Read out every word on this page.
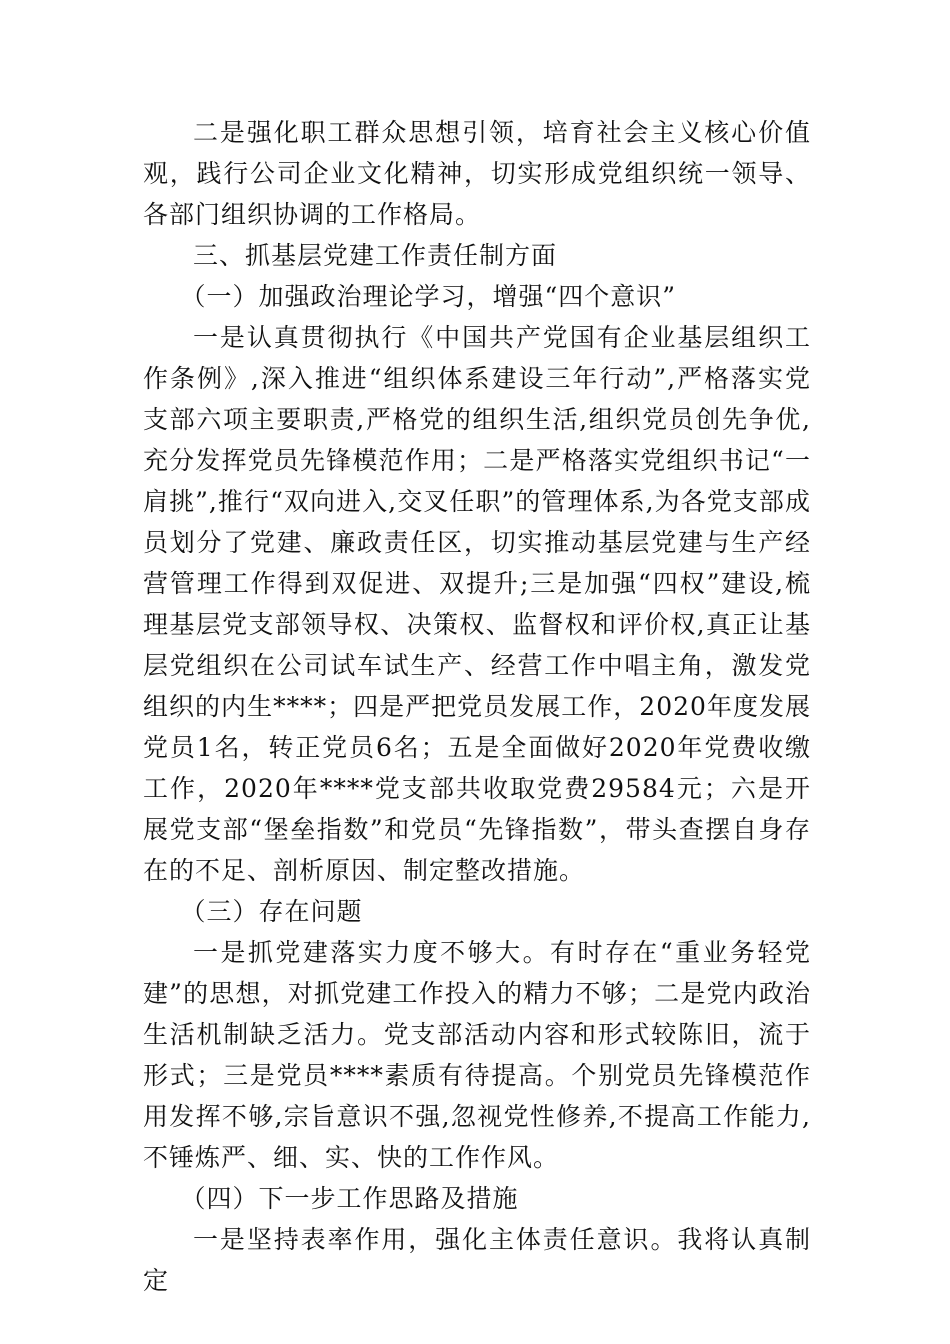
二是强化职工群众思想引领，培育社会主义核心价值观，践行公司企业文化精神，切实形成党组织统一领导、各部门组织协调的工作格局。

三、抓基层党建工作责任制方面

（一）加强政治理论学习，增强“四个意识”

一是认真贯彻执行《中国共产党国有企业基层组织工作条例》,深入推进“组织体系建设三年行动”,严格落实党支部六项主要职责,严格党的组织生活,组织党员创先争优,充分发挥党员先锋模范作用；二是严格落实党组织书记“一肩挑”,推行“双向进入,交叉任职”的管理体系,为各党支部成员划分了党建、廉政责任区，切实推动基层党建与生产经营管理工作得到双促进、双提升;三是加强“四权”建设,梳理基层党支部领导权、决策权、监督权和评价权,真正让基层党组织在公司试车试生产、经营工作中唱主角，激发党组织的内生****；四是严把党员发展工作，2020年度发展党员1名，转正党员6名；五是全面做好2020年党费收缴工作，2020年****党支部共收取党费29584元；六是开展党支部“堡垒指数”和党员“先锋指数”，带头查摆自身存在的不足、剖析原因、制定整改措施。

（三）存在问题

一是抓党建落实力度不够大。有时存在“重业务轻党建”的思想，对抓党建工作投入的精力不够；二是党内政治生活机制缺乏活力。党支部活动内容和形式较陈旧，流于形式；三是党员****素质有待提高。个别党员先锋模范作用发挥不够,宗旨意识不强,忽视党性修养,不提高工作能力,不锤炼严、细、实、快的工作作风。

（四）下一步工作思路及措施

一是坚持表率作用，强化主体责任意识。我将认真制定
